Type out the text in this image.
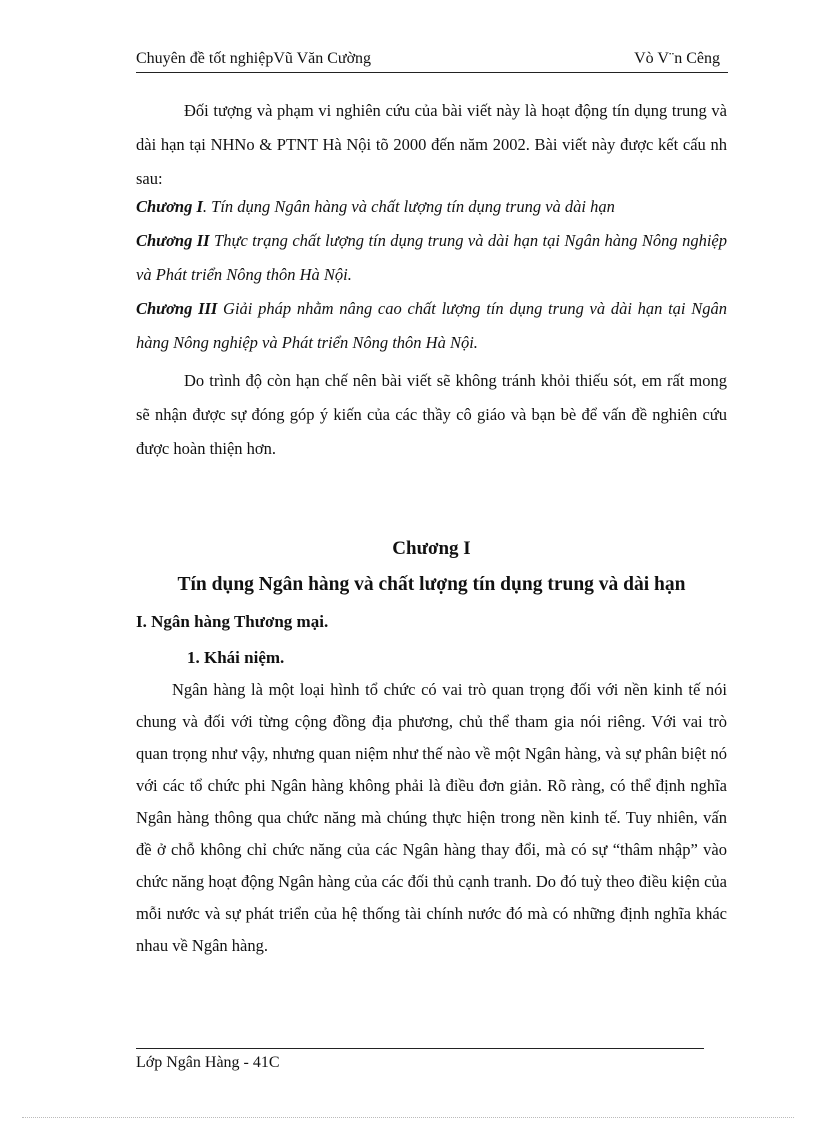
Chuyên đề tốt nghiệpVũ Văn Cường	Vò V¨n Cêng
Đối tượng và phạm vi nghiên cứu của bài viết này là hoạt động tín dụng trung và dài hạn tại NHNo & PTNT Hà Nội tõ 2000 đến năm 2002. Bài viết này được kết cấu nh sau:
Chương I. Tín dụng Ngân hàng và chất lượng tín dụng trung và dài hạn
Chương II Thực trạng chất lượng tín dụng trung và dài hạn tại Ngân hàng Nông nghiệp và Phát triển Nông thôn Hà Nội.
Chương III Giải pháp nhằm nâng cao chất lượng tín dụng trung và dài hạn tại Ngân hàng Nông nghiệp và Phát triển Nông thôn Hà Nội.
Do trình độ còn hạn chế nên bài viết sẽ không tránh khỏi thiếu sót, em rất mong sẽ nhận được sự đóng góp ý kiến của các thầy cô giáo và bạn bè để vấn đề nghiên cứu được hoàn thiện hơn.
Chương I
Tín dụng Ngân hàng và chất lượng tín dụng trung và dài hạn
I. Ngân hàng Thương mại.
1. Khái niệm.
Ngân hàng là một loại hình tổ chức có vai trò quan trọng đối với nền kinh tế nói chung và đối với từng cộng đồng địa phương, chủ thể tham gia nói riêng. Với vai trò quan trọng như vậy, nhưng quan niệm như thế nào về một Ngân hàng, và sự phân biệt nó với các tổ chức phi Ngân hàng không phải là điều đơn giản. Rõ ràng, có thể định nghĩa Ngân hàng thông qua chức năng mà chúng thực hiện trong nền kinh tế. Tuy nhiên, vấn đề ở chỗ không chỉ chức năng của các Ngân hàng thay đổi, mà có sự “thâm nhập” vào chức năng hoạt động Ngân hàng của các đối thủ cạnh tranh. Do đó tuỳ theo điều kiện của mỗi nước và sự phát triển của hệ thống tài chính nước đó mà có những định nghĩa khác nhau về Ngân hàng.
Lớp Ngân Hàng - 41C
